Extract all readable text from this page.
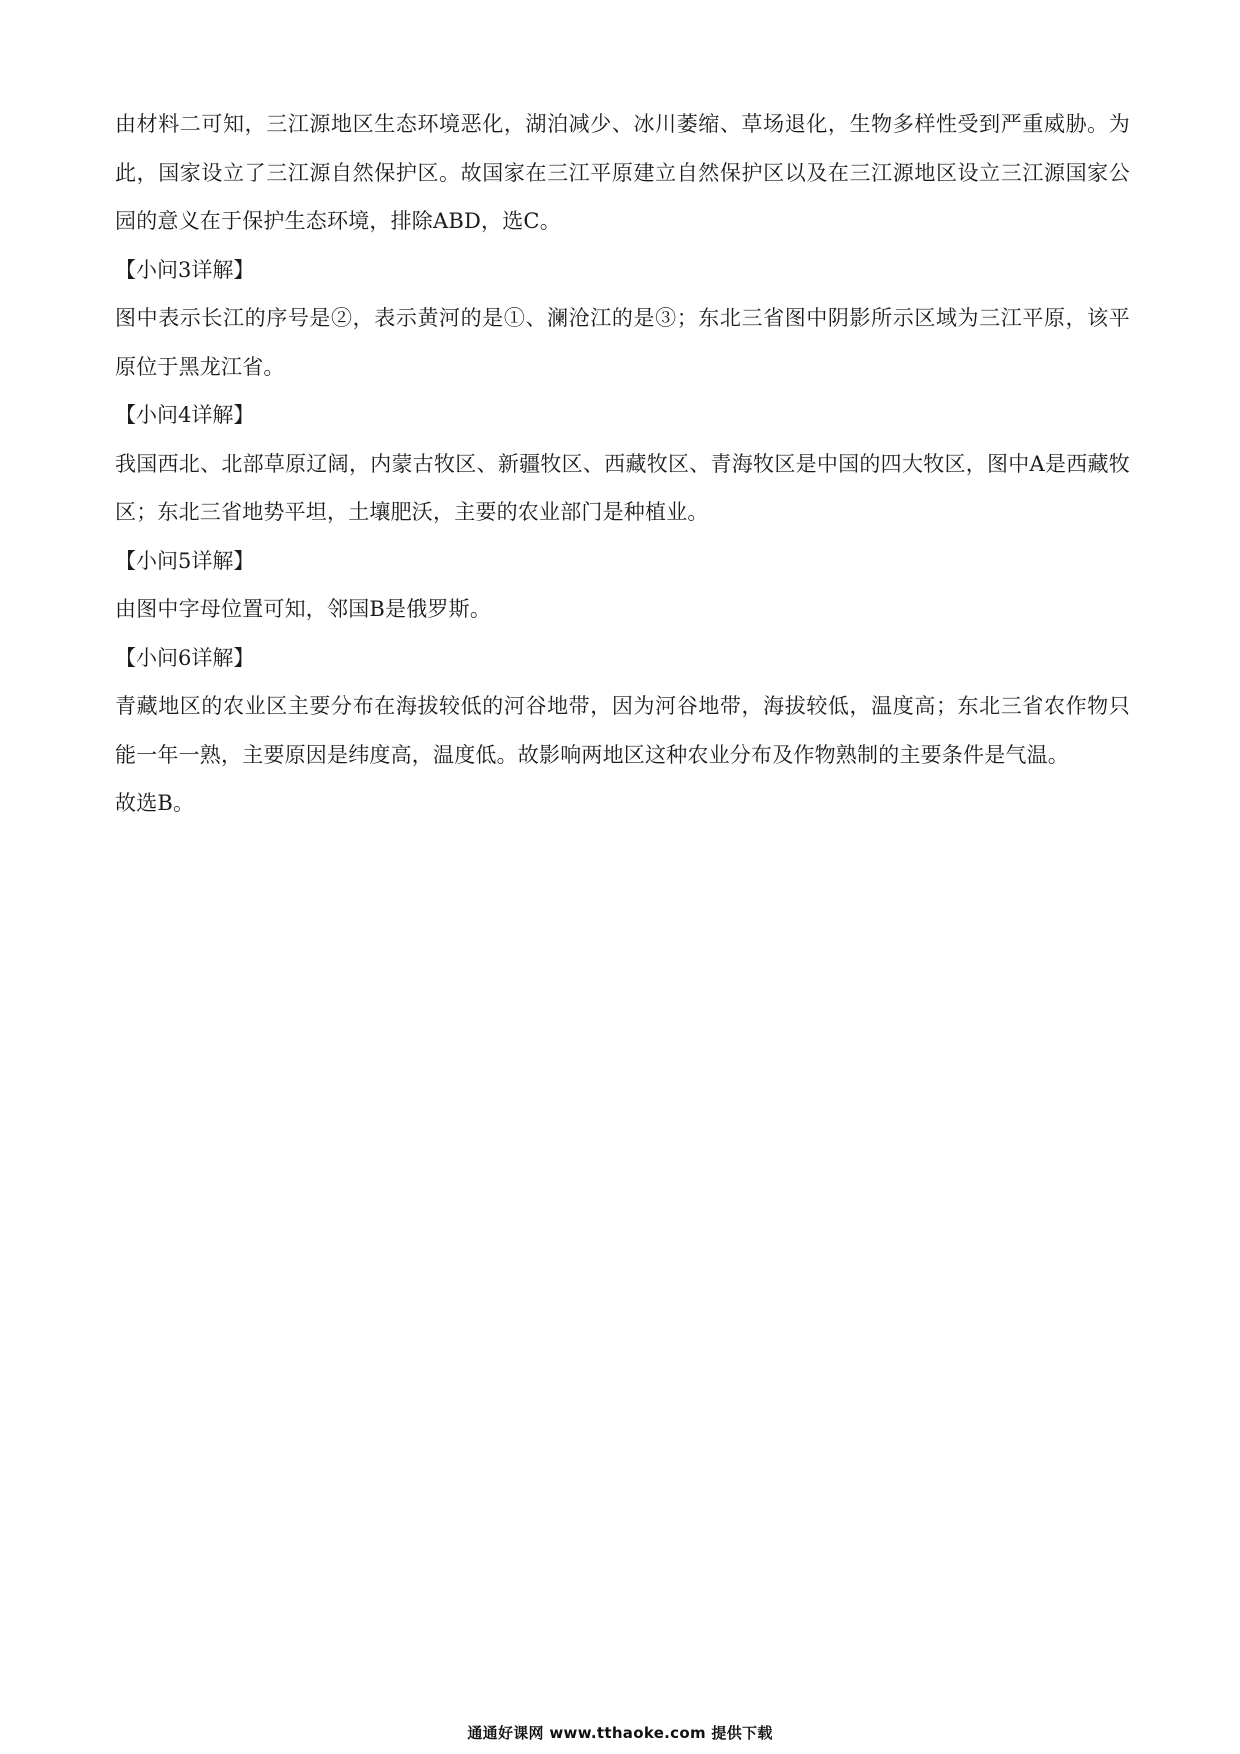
由材料二可知，三江源地区生态环境恶化，湖泊减少、冰川萎缩、草场退化，生物多样性受到严重威胁。为此，国家设立了三江源自然保护区。故国家在三江平原建立自然保护区以及在三江源地区设立三江源国家公园的意义在于保护生态环境，排除ABD，选C。

【小问3详解】

图中表示长江的序号是②，表示黄河的是①、澜沧江的是③；东北三省图中阴影所示区域为三江平原，该平原位于黑龙江省。

【小问4详解】

我国西北、北部草原辽阔，内蒙古牧区、新疆牧区、西藏牧区、青海牧区是中国的四大牧区，图中A是西藏牧区；东北三省地势平坦，土壤肥沃，主要的农业部门是种植业。

【小问5详解】

由图中字母位置可知，邻国B是俄罗斯。

【小问6详解】

青藏地区的农业区主要分布在海拔较低的河谷地带，因为河谷地带，海拔较低，温度高；东北三省农作物只能一年一熟，主要原因是纬度高，温度低。故影响两地区这种农业分布及作物熟制的主要条件是气温。

故选B。

通通好课网 www.tthaoke.com 提供下载
